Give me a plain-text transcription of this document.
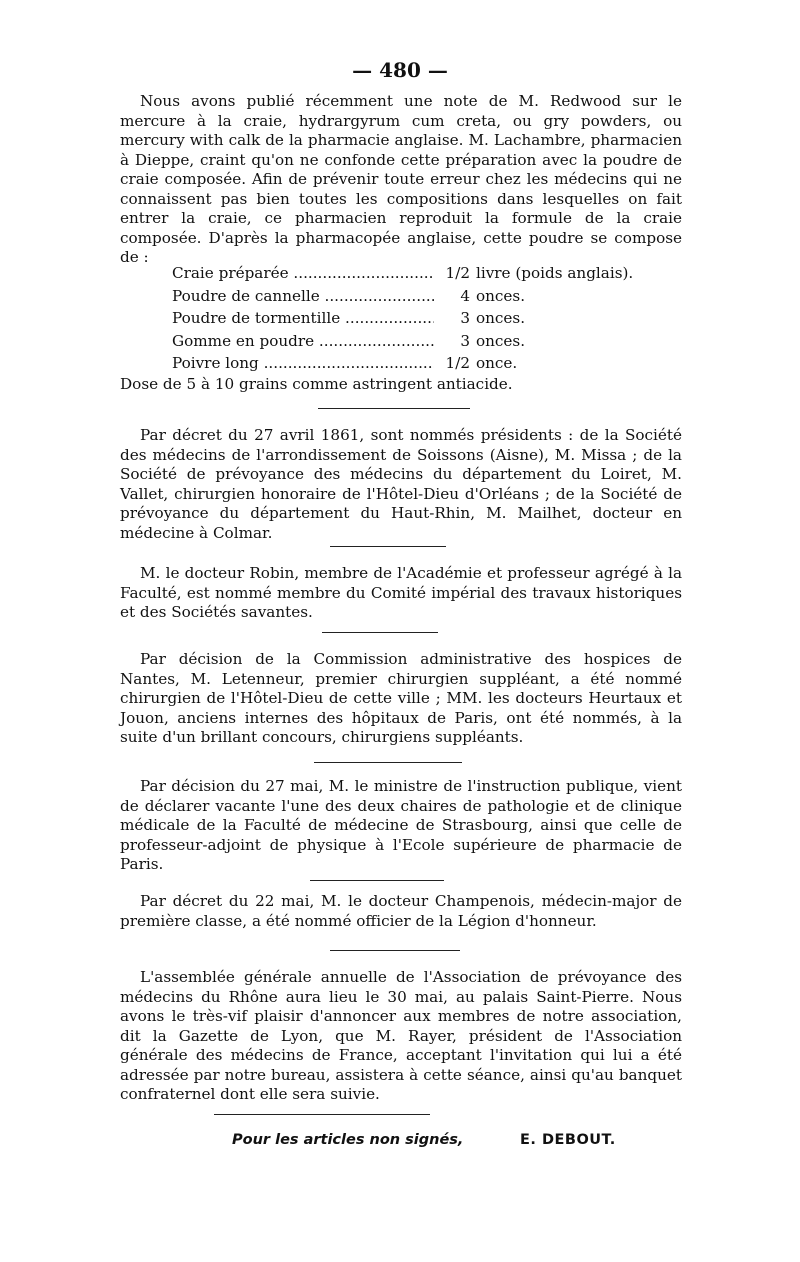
— 480 —

Nous avons publié récemment une note de M. Redwood sur le mercure à la craie, hydrargyrum cum creta, ou gry powders, ou mercury with calk de la pharmacie anglaise. M. Lachambre, pharmacien à Dieppe, craint qu'on ne confonde cette préparation avec la poudre de craie composée. Afin de prévenir toute erreur chez les médecins qui ne connaissent pas bien toutes les compositions dans lesquelles on fait entrer la craie, ce pharmacien reproduit la formule de la craie composée. D'après la pharmacopée anglaise, cette poudre se compose de :

Craie préparée .....	1/2 livre (poids anglais).
Poudre de cannelle .....	4 onces.
Poudre de tormentille .....	3 onces.
Gomme en poudre .....	3 onces.
Poivre long .....	1/2 once.
Dose de 5 à 10 grains comme astringent antiacide.

Par décret du 27 avril 1861, sont nommés présidents : de la Société des médecins de l'arrondissement de Soissons (Aisne), M. Missa ; de la Société de prévoyance des médecins du département du Loiret, M. Vallet, chirurgien honoraire de l'Hôtel-Dieu d'Orléans ; de la Société de prévoyance du département du Haut-Rhin, M. Mailhet, docteur en médecine à Colmar.

M. le docteur Robin, membre de l'Académie et professeur agrégé à la Faculté, est nommé membre du Comité impérial des travaux historiques et des Sociétés savantes.

Par décision de la Commission administrative des hospices de Nantes, M. Letenneur, premier chirurgien suppléant, a été nommé chirurgien de l'Hôtel-Dieu de cette ville ; MM. les docteurs Heurtaux et Jouon, anciens internes des hôpitaux de Paris, ont été nommés, à la suite d'un brillant concours, chirurgiens suppléants.

Par décision du 27 mai, M. le ministre de l'instruction publique, vient de déclarer vacante l'une des deux chaires de pathologie et de clinique médicale de la Faculté de médecine de Strasbourg, ainsi que celle de professeur-adjoint de physique à l'Ecole supérieure de pharmacie de Paris.

Par décret du 22 mai, M. le docteur Champenois, médecin-major de première classe, a été nommé officier de la Légion d'honneur.

L'assemblée générale annuelle de l'Association de prévoyance des médecins du Rhône aura lieu le 30 mai, au palais Saint-Pierre. Nous avons le très-vif plaisir d'annoncer aux membres de notre association, dit la Gazette de Lyon, que M. Rayer, président de l'Association générale des médecins de France, acceptant l'invitation qui lui a été adressée par notre bureau, assistera à cette séance, ainsi qu'au banquet confraternel dont elle sera suivie.

Pour les articles non signés,	E. DEBOUT.
